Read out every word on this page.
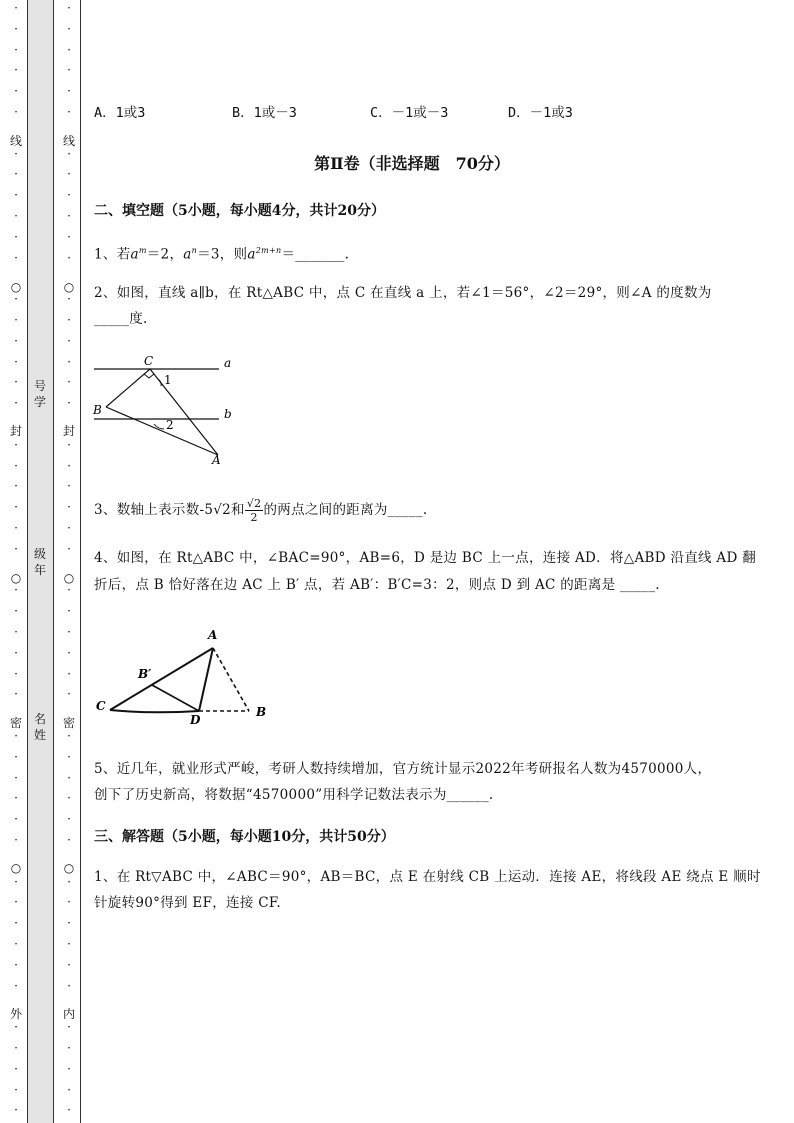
·
·
·
·
·
·
·
·
·
·
·
·
·
·
·
·
·
·
·
·
·
·
·
·
·
·
·
·
·
·
·
·
·
·
·
·
·
·
·
·
·
·
·
·
·
·
·
·
·
·
·
·
·
·
·
·
·
·
·
·
·
·
·
·
·
·
·
·
·
·
·
·
·
·
·
·
·
·
·
·
·
·
·
·
·
·
·
·
·
·
·
·
·
·
线
封
密
外
线
封
密
内
○
○
○
○
○
○
号学
级年
名姓
A．1或3	B．1或－3	C．－1或－3	D．－1或3
第Ⅱ卷（非选择题　70分）
二、填空题（5小题，每小题4分，共计20分）
1、若$a^m=2$，$a^n=3$，则$a^{2m+n}=\_\_\_\_\_\_\_$.
2、如图，直线 a∥b，在 Rt△ABC 中，点 C 在直线 a 上，若∠1＝56°，∠2＝29°，则∠A 的度数为
_____度.
C	a
1
B	b
2
A
3、数轴上表示数-5√2和 $\frac{√2}{2}$ 的两点之间的距离为_____.
4、如图，在 Rt△ABC 中，∠BAC=90°，AB=6，D 是边 BC 上一点，连接 AD．将△ABD 沿直线 AD 翻
折后，点 B 恰好落在边 AC 上 B′ 点，若 AB′：B′C=3：2，则点 D 到 AC 的距离是 _____.
A
B′
C
D
B
5、近几年，就业形式严峻，考研人数持续增加，官方统计显示2022年考研报名人数为4570000人，
创下了历史新高，将数据“4570000”用科学记数法表示为______.
三、解答题（5小题，每小题10分，共计50分）
1、在 Rt▽ABC 中，∠ABC＝90°，AB＝BC，点 E 在射线 CB 上运动．连接 AE，将线段 AE 绕点 E 顺时
针旋转90°得到 EF，连接 CF.
